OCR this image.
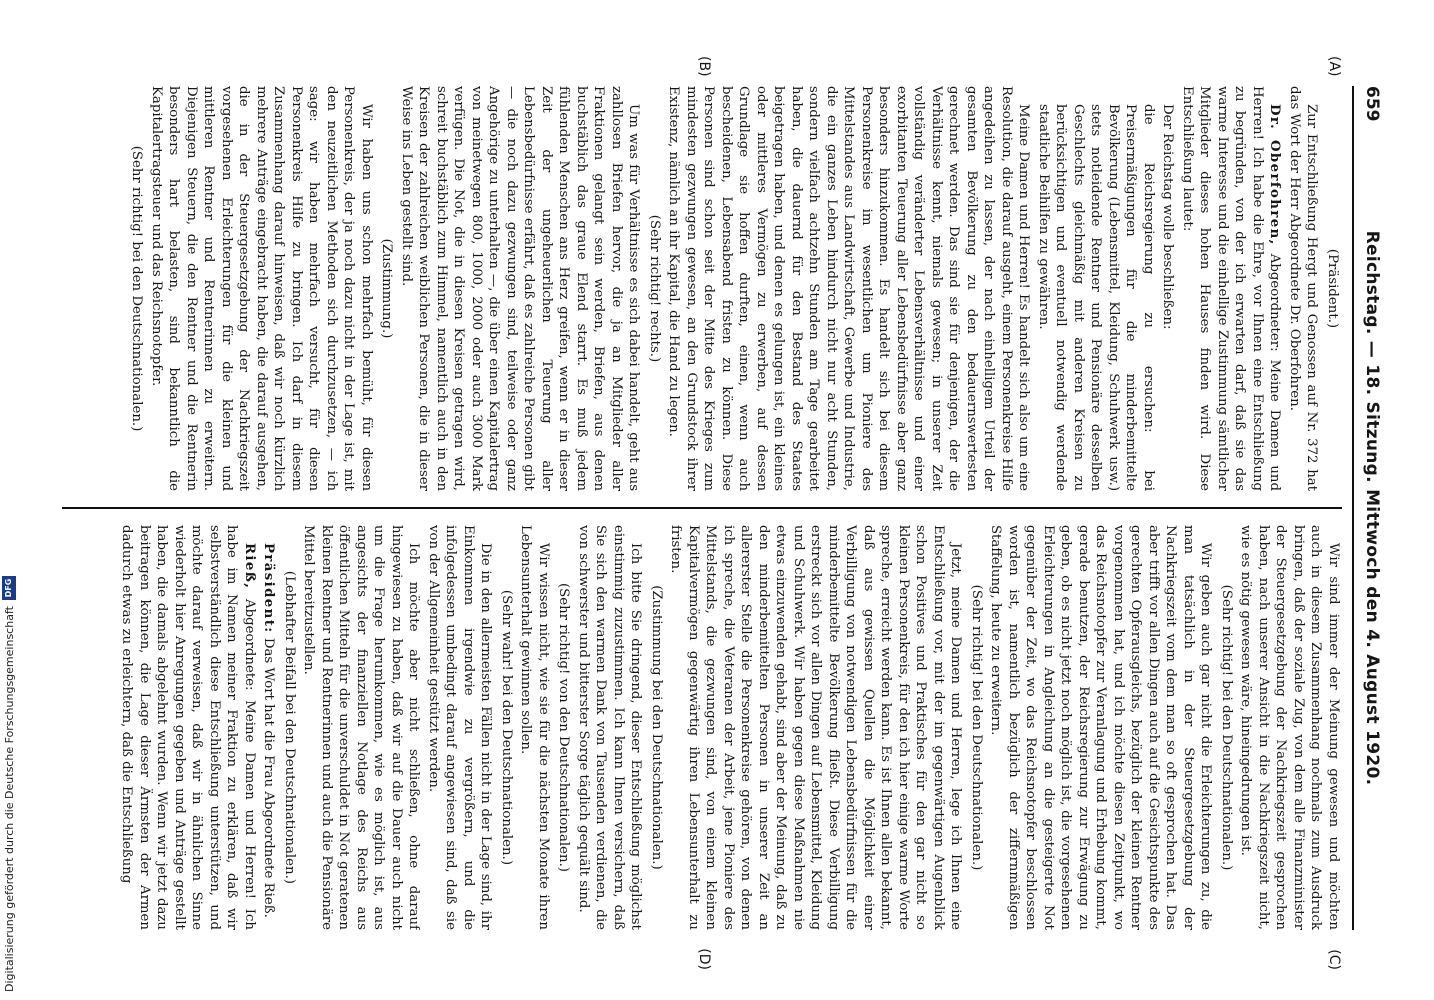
659
Reichstag. — 18. Sitzung. Mittwoch den 4. August 1920.
(A)
(B)

(Präsident.)

Zur Entschließung Hergt und Genossen auf Nr. 372 hat das Wort der Herr Abgeordnete Dr. Oberfohren.

Dr. Oberfohren, Abgeordneter: Meine Damen und Herren! Ich habe die Ehre, vor Ihnen eine Entschließung zu begründen, von der ich erwarten darf, daß sie das warme Interesse und die einhellige Zustimmung sämtlicher Mitglieder dieses hohen Hauses finden wird. Diese Entschließung lautet:

Der Reichstag wolle beschließen:

die Reichsregierung zu ersuchen: bei Preisermäßigungen für die minderbemittelte Bevölkerung (Lebensmittel, Kleidung, Schuhwerk usw.) stets notleidende Rentner und Pensionäre desselben Geschlechts gleichmäßig mit anderen Kreisen zu berücksichtigen und eventuell notwendig werdende staatliche Beihilfen zu gewähren.

Meine Damen und Herren! Es handelt sich also um eine Resolution, die darauf ausgeht, einem Personenkreise Hilfe angedeihen zu lassen, der nach einhelligem Urteil der gesamten Bevölkerung zu den bedauernswertesten gerechnet werden. Das sind sie für denjenigen, der die Verhältnisse kennt, niemals gewesen; in unserer Zeit vollständig veränderter Lebensverhältnisse und einer exorbitanten Teuerung aller Lebensbedürfnisse aber ganz besonders hinzukommen. Es handelt sich bei diesem Personenkreise im wesentlichen um Pioniere des Mittelstandes aus Landwirtschaft, Gewerbe und Industrie, die ein ganzes Leben hindurch nicht nur acht Stunden, sondern vielfach achtzehn Stunden am Tage gearbeitet haben, die dauernd für den Bestand des Staates beigetragen haben, und denen es gelungen ist, ein kleines oder mittleres Vermögen zu erwerben, auf dessen Grundlage sie hoffen durften, einen, wenn auch bescheidenen, Lebensabend fristen zu können. Diese Personen sind schon seit der Mitte des Krieges zum mindesten gezwungen gewesen, an den Grundstock ihrer Existenz, nämlich an ihr Kapital, die Hand zu legen.

(Sehr richtig! rechts.)

Um was für Verhältnisse es sich dabei handelt, geht aus zahllosen Briefen hervor, die ja an Mitglieder aller Fraktionen gelangt sein werden, Briefen, aus denen buchstäblich das graue Elend starrt. Es muß jedem fühlenden Menschen ans Herz greifen, wenn er in dieser Zeit der ungeheuerlichen Teuerung aller Lebensbedürfnisse erfährt, daß es zahlreiche Personen gibt — die noch dazu gezwungen sind, teilweise oder ganz Angehörige zu unterhalten —, die über einen Kapitalertrag von meinetwegen 800, 1000, 2000 oder auch 3000 Mark verfügen. Die Not, die in diesen Kreisen getragen wird, schreit buchstäblich zum Himmel, namentlich auch in den Kreisen der zahlreichen weiblichen Personen, die in dieser Weise ins Leben gestellt sind.

(Zustimmung.)

Wir haben uns schon mehrfach bemüht, für diesen Personenkreis, der ja noch dazu nicht in der Lage ist, mit den neuzeitlichen Methoden sich durchzusetzen, — ich sage: wir haben mehrfach versucht, für diesen Personenkreis Hilfe zu bringen. Ich darf in diesem Zusammenhang darauf hinweisen, daß wir noch kürzlich mehrere Anträge eingebracht haben, die darauf ausgehen, die in der Steuergesetzgebung der Nachkriegszeit vorgesehenen Erleichterungen für die kleinen und mittleren Rentner und Rentnerinnen zu erweitern. Diejenigen Steuern, die den Rentner und die Rentnerin besonders hart belasten, sind bekanntlich die Kapitalertragsteuer und das Reichsnotopfer.

(Sehr richtig! bei den Deutschnationalen.)

Wir sind immer der Meinung gewesen und möchten auch in diesem Zusammenhang nochmals zum Ausdruck bringen, daß der soziale Zug, von dem alle Finanzminister der Steuergesetzgebung der Nachkriegszeit gesprochen haben, nach unserer Ansicht in die Nachkriegszeit nicht, wie es nötig gewesen wäre, hineingedrungen ist.

(Sehr richtig! bei den Deutschnationalen.)

Wir geben auch gar nicht die Erleichterungen zu, die man tatsächlich in der Steuergesetzgebung der Nachkriegszeit vom dem man so oft gesprochen hat. Das aber trifft vor allen Dingen auch auf die Gesichtspunkte des gerechten Opferausgleichs, bezüglich der kleinen Rentner vorgenommen hat, und ich möchte diesen Zeitpunkt, wo das Reichsnotopfer zur Veranlagung und Erhebung kommt, gerade benutzen, der Reichsregierung zur Erwägung zu geben, ob es nicht jetzt noch möglich ist, die vorgesehenen Erleichterungen in Angleichung an die gesteigerte Not gegenüber der Zeit, wo das Reichsnotopfer beschlossen worden ist, namentlich bezüglich der ziffernmäßigen Staffelung, heute zu erweitern.

(Sehr richtig! bei den Deutschnationalen.)

Jetzt, meine Damen und Herren, lege ich Ihnen eine Entschließung vor, mit der im gegenwärtigen Augenblick schon Positives und Praktisches für den gar nicht so kleinen Personenkreis, für den ich hier einige warme Worte spreche, erreicht werden kann. Es ist Ihnen allen bekannt, daß aus gewissen Quellen die Möglichkeit einer Verbilligung von notwendigen Lebensbedürfnissen für die minderbemittelte Bevölkerung fließt. Diese Verbilligung erstreckt sich vor allen Dingen auf Lebensmittel, Kleidung und Schuhwerk. Wir haben gegen diese Maßnahmen nie etwas einzuwenden gehabt, sind aber der Meinung, daß zu den minderbemittelten Personen in unserer Zeit an allererster Stelle die Personenkreise gehören, von denen ich spreche, die Veteranen der Arbeit, jene Pioniere des Mittelstands, die gezwungen sind, von einem kleinen Kapitalvermögen gegenwärtig ihren Lebensunterhalt zu fristen.

(Zustimmung bei den Deutschnationalen.)

Ich bitte Sie dringend, dieser Entschließung möglichst einstimmig zuzustimmen. Ich kann Ihnen versichern, daß Sie sich den warmen Dank von Tausenden verdienen, die von schwerster und bitterster Sorge täglich gequält sind.

(Sehr richtig! von den Deutschnationalen.)

Wir wissen nicht, wie sie für die nächsten Monate ihren Lebensunterhalt gewinnen sollen.

(Sehr wahr! bei den Deutschnationalen.)

Die in den allermeisten Fällen nicht in der Lage sind, ihr Einkommen irgendwie zu vergrößern, und die infolgedessen umbedingt darauf angewiesen sind, daß sie von der Allgemeinheit gestützt werden.

Ich möchte aber nicht schließen, ohne darauf hingewiesen zu haben, daß wir auf die Dauer auch nicht um die Frage herumkommen, wie es möglich ist, aus angesichts der finanziellen Notlage des Reichs aus öffentlichen Mitteln für die unverschuldet in Not geratenen kleinen Rentner und Rentnerinnen und auch die Pensionäre Mittel bereitzustellen.

(Lebhafter Beifall bei den Deutschnationalen.)

Präsident: Das Wort hat die Frau Abgeordnete Rieß.

Rieß, Abgeordnete: Meine Damen und Herren! Ich habe im Namen meiner Fraktion zu erklären, daß wir selbstverständlich diese Entschließung unterstützen, und möchte darauf verweisen, daß wir in ähnlichen Sinne wiederholt hier Anregungen gegeben und Anträge gestellt haben, die damals abgelehnt wurden. Wenn wir jetzt dazu beitragen können, die Lage dieser Ärmsten der Armen dadurch etwas zu erleichtern, daß die Entschließung

(C)
(D)
Digitalisierung gefördert durch die Deutsche Forschungsgemeinschaft
DFG
